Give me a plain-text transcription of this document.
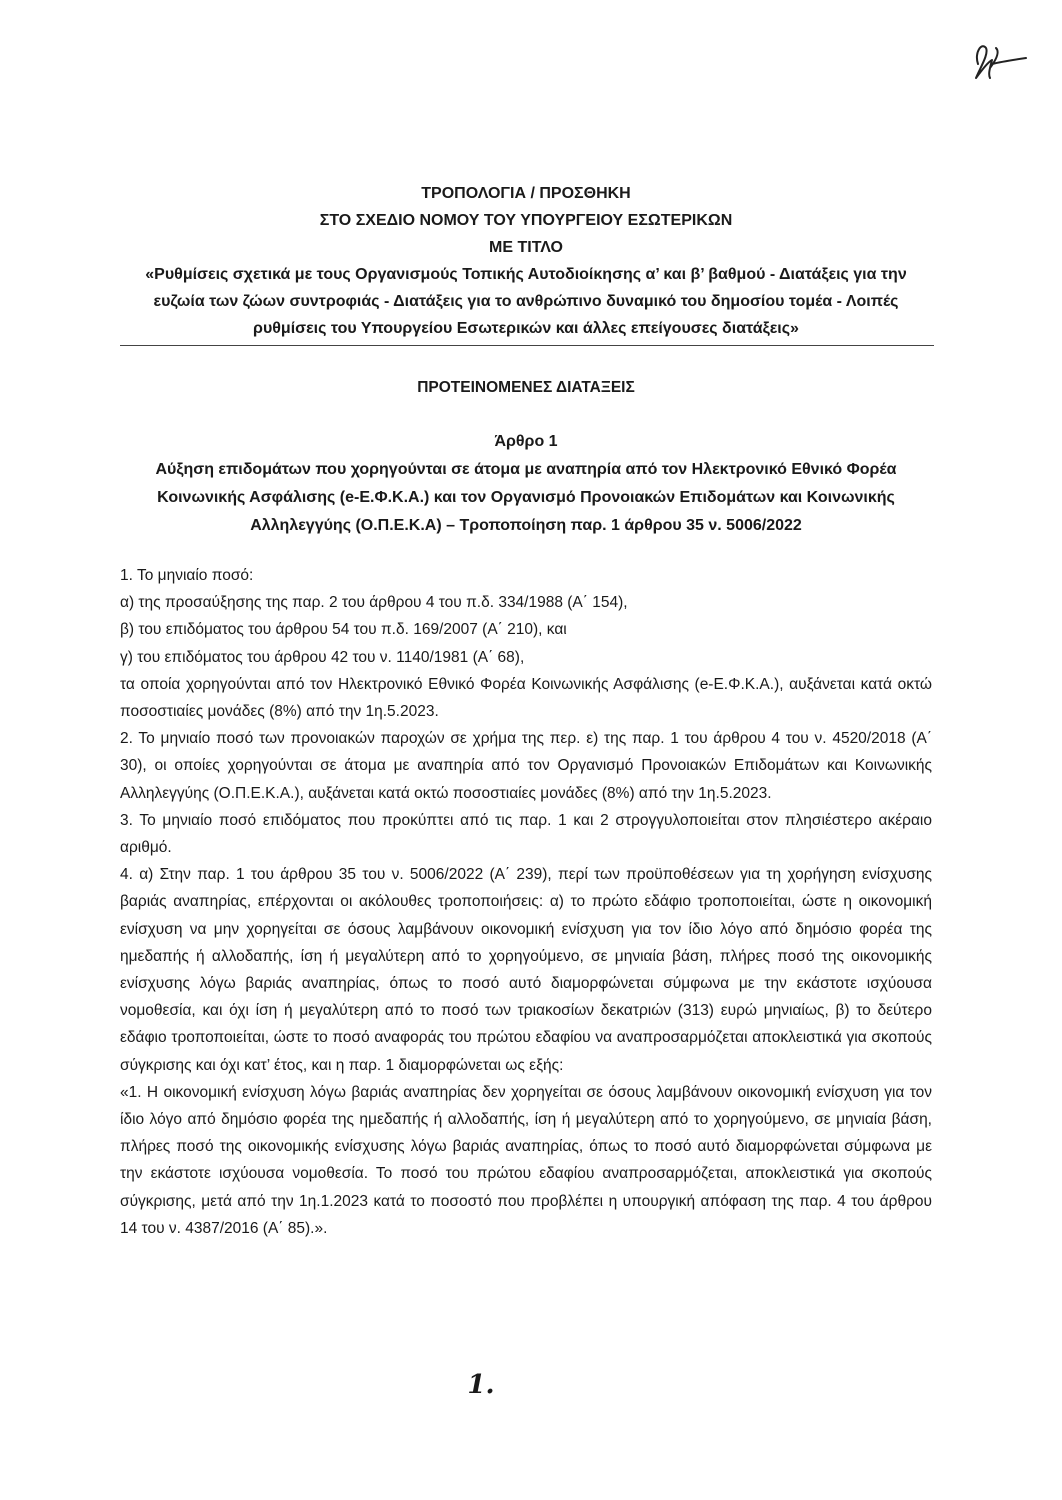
ΤΡΟΠΟΛΟΓΙΑ / ΠΡΟΣΘΗΚΗ
ΣΤΟ ΣΧΕΔΙΟ ΝΟΜΟΥ ΤΟΥ ΥΠΟΥΡΓΕΙΟΥ ΕΣΩΤΕΡΙΚΩΝ
ΜΕ ΤΙΤΛΟ
«Ρυθμίσεις σχετικά με τους Οργανισμούς Τοπικής Αυτοδιοίκησης α’ και β’ βαθμού - Διατάξεις για την ευζωία των ζώων συντροφιάς - Διατάξεις για το ανθρώπινο δυναμικό του δημοσίου τομέα - Λοιπές ρυθμίσεις του Υπουργείου Εσωτερικών και άλλες επείγουσες διατάξεις»
ΠΡΟΤΕΙΝΟΜΕΝΕΣ ΔΙΑΤΑΞΕΙΣ
Άρθρο 1
Αύξηση επιδομάτων που χορηγούνται σε άτομα με αναπηρία από τον Ηλεκτρονικό Εθνικό Φορέα Κοινωνικής Ασφάλισης (e-Ε.Φ.Κ.Α.) και τον Οργανισμό Προνοιακών Επιδομάτων και Κοινωνικής Αλληλεγγύης (Ο.Π.Ε.Κ.Α) – Τροποποίηση παρ. 1 άρθρου 35 ν. 5006/2022

1. Το μηνιαίο ποσό:

α) της προσαύξησης της παρ. 2 του άρθρου 4 του π.δ. 334/1988 (Α΄ 154),

β) του επιδόματος του άρθρου 54 του π.δ. 169/2007 (Α΄ 210), και

γ) του επιδόματος του άρθρου 42 του ν. 1140/1981 (Α΄ 68),

τα οποία χορηγούνται από τον Ηλεκτρονικό Εθνικό Φορέα Κοινωνικής Ασφάλισης (e-Ε.Φ.Κ.Α.), αυξάνεται κατά οκτώ ποσοστιαίες μονάδες (8%) από την 1η.5.2023.

2. Το μηνιαίο ποσό των προνοιακών παροχών σε χρήμα της περ. ε) της παρ. 1 του άρθρου 4 του ν. 4520/2018 (Α΄ 30), οι οποίες χορηγούνται σε άτομα με αναπηρία από τον Οργανισμό Προνοιακών Επιδομάτων και Κοινωνικής Αλληλεγγύης (Ο.Π.Ε.Κ.Α.), αυξάνεται κατά οκτώ ποσοστιαίες μονάδες (8%) από την 1η.5.2023.

3. Το μηνιαίο ποσό επιδόματος που προκύπτει από τις παρ. 1 και 2 στρογγυλοποιείται στον πλησιέστερο ακέραιο αριθμό.

4. α) Στην παρ. 1 του άρθρου 35 του ν. 5006/2022 (Α΄ 239), περί των προϋποθέσεων για τη χορήγηση ενίσχυσης βαριάς αναπηρίας, επέρχονται οι ακόλουθες τροποποιήσεις: α) το πρώτο εδάφιο τροποποιείται, ώστε η οικονομική ενίσχυση να μην χορηγείται σε όσους λαμβάνουν οικονομική ενίσχυση για τον ίδιο λόγο από δημόσιο φορέα της ημεδαπής ή αλλοδαπής, ίση ή μεγαλύτερη από το χορηγούμενο, σε μηνιαία βάση, πλήρες ποσό της οικονομικής ενίσχυσης λόγω βαριάς αναπηρίας, όπως το ποσό αυτό διαμορφώνεται σύμφωνα με την εκάστοτε ισχύουσα νομοθεσία, και όχι ίση ή μεγαλύτερη από το ποσό των τριακοσίων δεκατριών (313) ευρώ μηνιαίως, β) το δεύτερο εδάφιο τροποποιείται, ώστε το ποσό αναφοράς του πρώτου εδαφίου να αναπροσαρμόζεται αποκλειστικά για σκοπούς σύγκρισης και όχι κατ’ έτος, και η παρ. 1 διαμορφώνεται ως εξής:

«1. Η οικονομική ενίσχυση λόγω βαριάς αναπηρίας δεν χορηγείται σε όσους λαμβάνουν οικονομική ενίσχυση για τον ίδιο λόγο από δημόσιο φορέα της ημεδαπής ή αλλοδαπής, ίση ή μεγαλύτερη από το χορηγούμενο, σε μηνιαία βάση, πλήρες ποσό της οικονομικής ενίσχυσης λόγω βαριάς αναπηρίας, όπως το ποσό αυτό διαμορφώνεται σύμφωνα με την εκάστοτε ισχύουσα νομοθεσία. Το ποσό του πρώτου εδαφίου αναπροσαρμόζεται, αποκλειστικά για σκοπούς σύγκρισης, μετά από την 1η.1.2023 κατά το ποσοστό που προβλέπει η υπουργική απόφαση της παρ. 4 του άρθρου 14 του ν. 4387/2016 (Α΄ 85).».

1.
